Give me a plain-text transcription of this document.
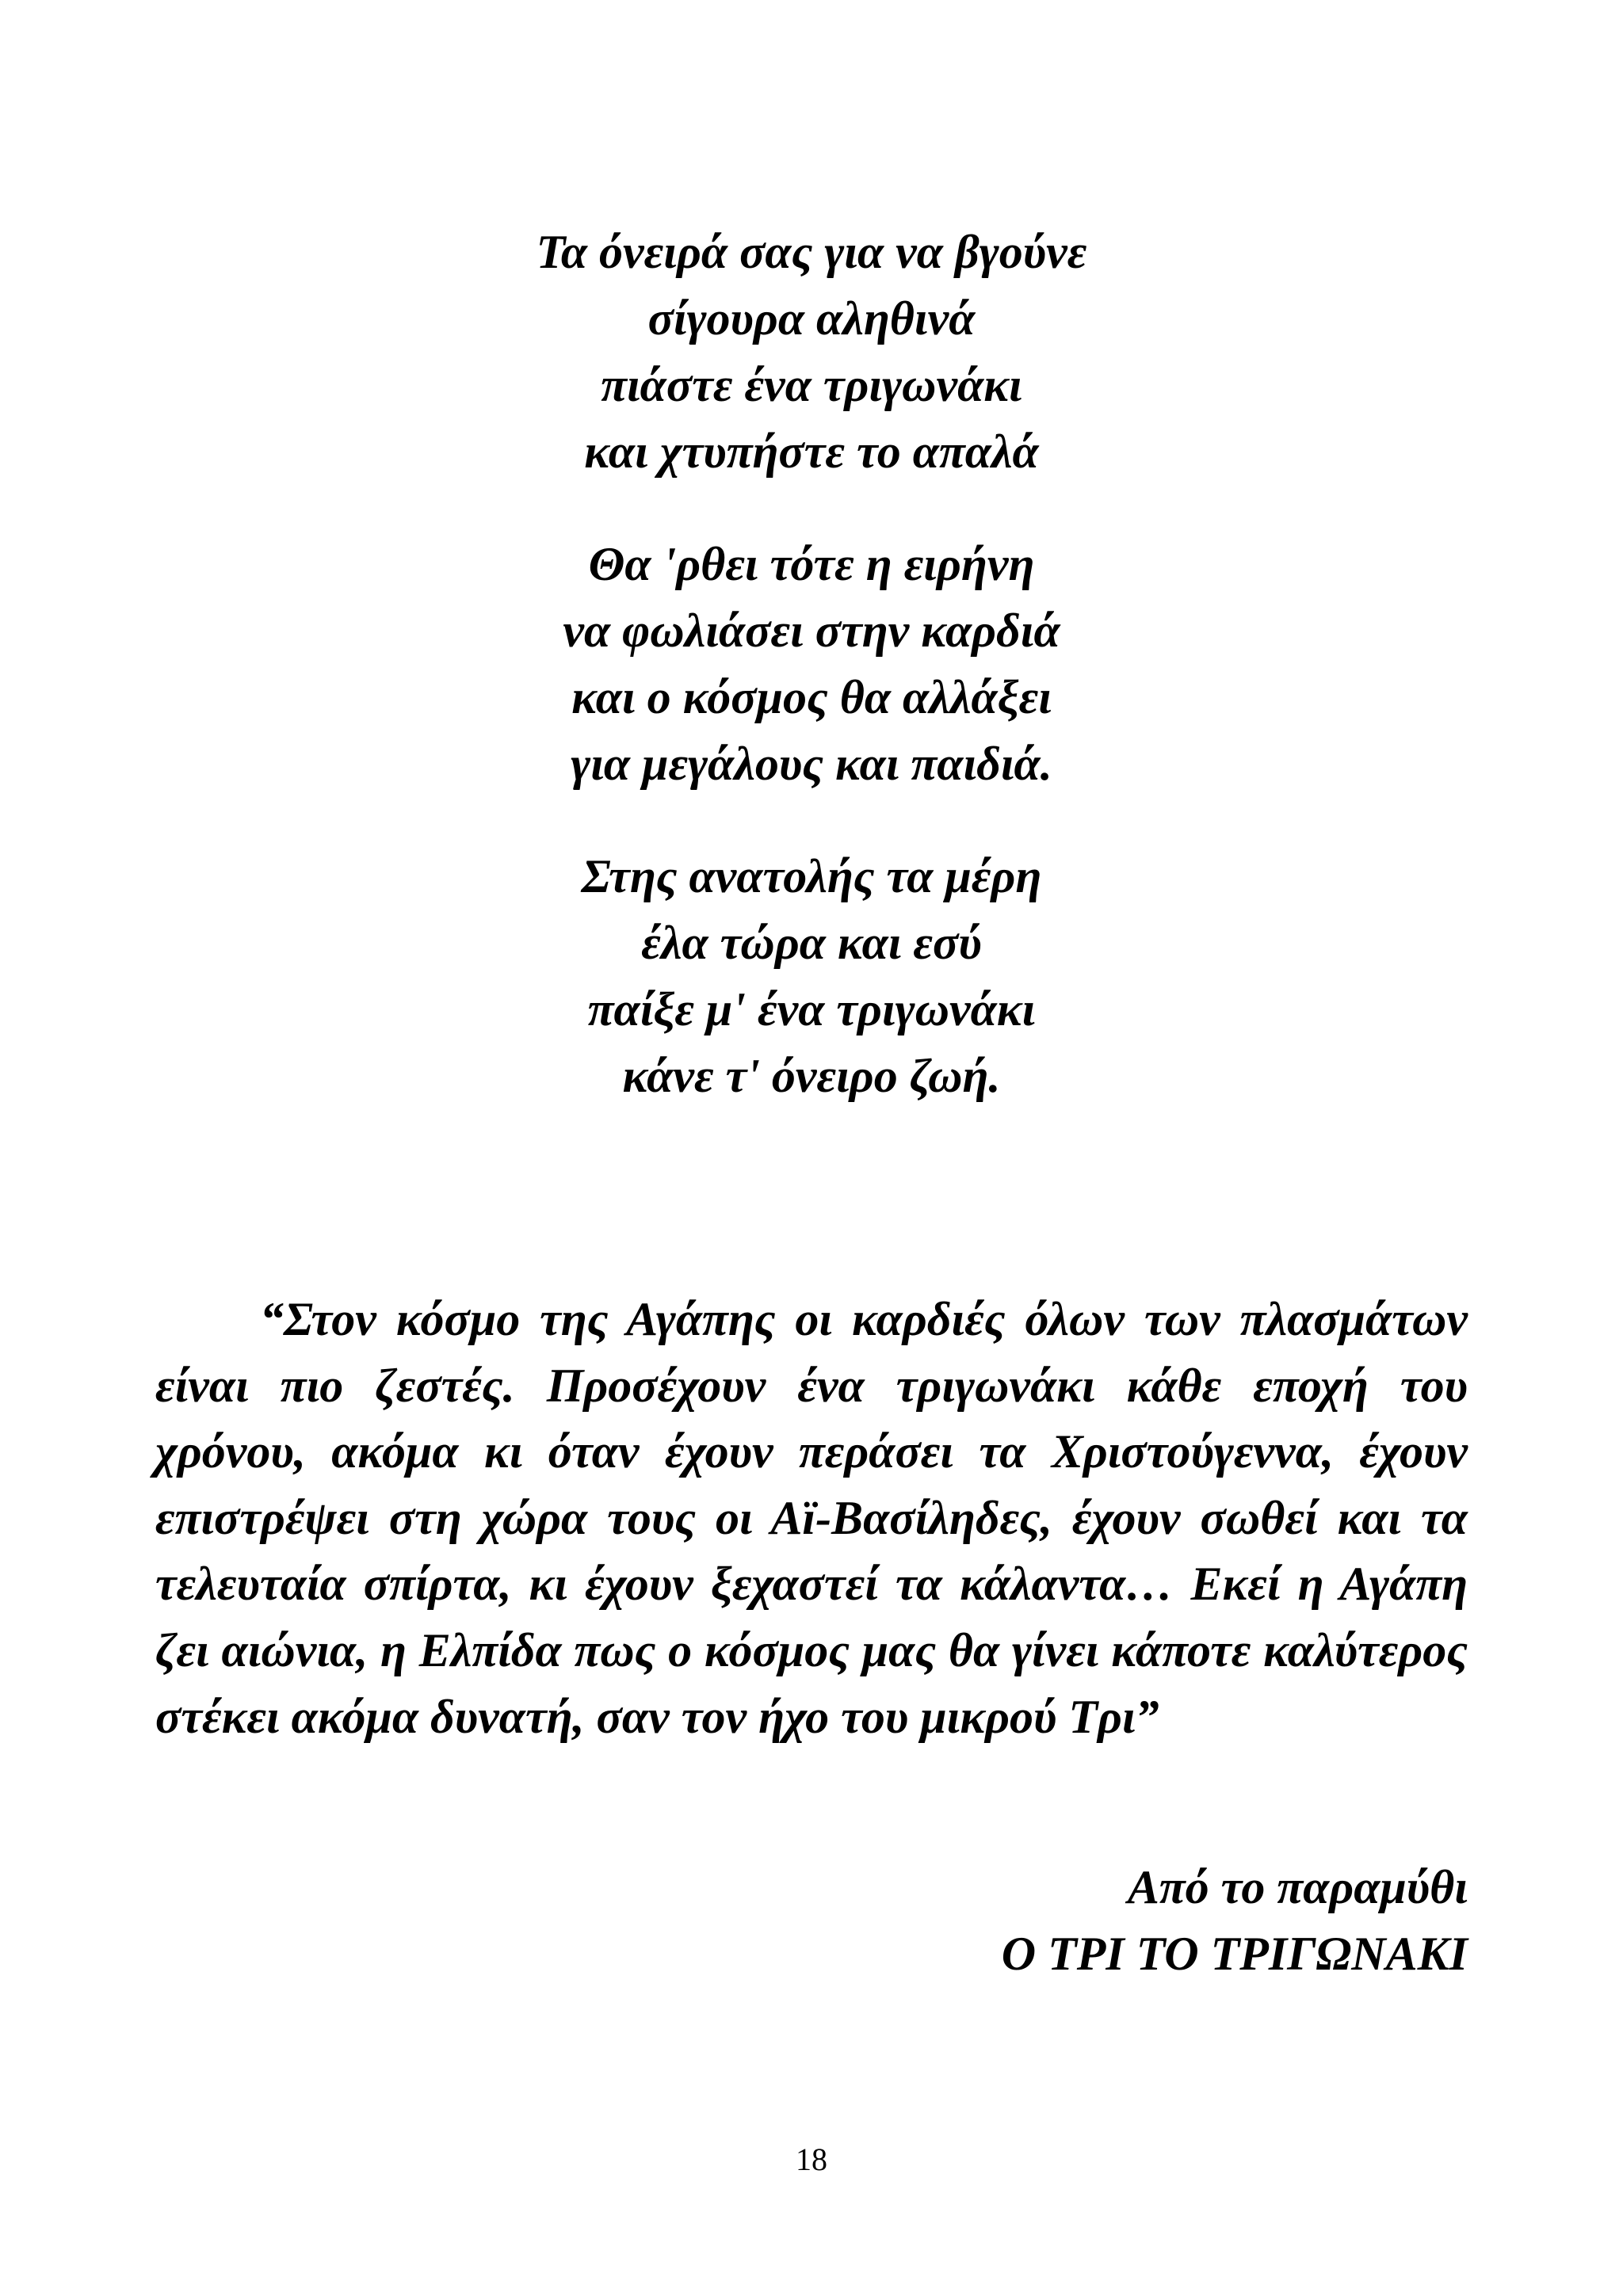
Τα όνειρά σας για να βγούνε
σίγουρα αληθινά
πιάστε ένα τριγωνάκι
και χτυπήστε το απαλά
Θα 'ρθει τότε η ειρήνη
να φωλιάσει στην καρδιά
και ο κόσμος θα αλλάξει
για μεγάλους και παιδιά.
Στης ανατολής τα μέρη
έλα τώρα και εσύ
παίξε μ' ένα τριγωνάκι
κάνε τ' όνειρο ζωή.

“Στον κόσμο της Αγάπης οι καρδιές όλων των πλασμάτων είναι πιο ζεστές. Προσέχουν ένα τριγωνάκι κάθε εποχή του χρόνου, ακόμα κι όταν έχουν περάσει τα Χριστούγεννα, έχουν επιστρέψει στη χώρα τους οι Αϊ-Βασίληδες, έχουν σωθεί και τα τελευταία σπίρτα, κι έχουν ξεχαστεί τα κάλαντα… Εκεί η Αγάπη ζει αιώνια, η Ελπίδα πως ο κόσμος μας θα γίνει κάποτε καλύτερος στέκει ακόμα δυνατή, σαν τον ήχο του μικρού Τρι”

Από το παραμύθι
Ο ΤΡΙ ΤΟ ΤΡΙΓΩΝΑΚΙ
18
